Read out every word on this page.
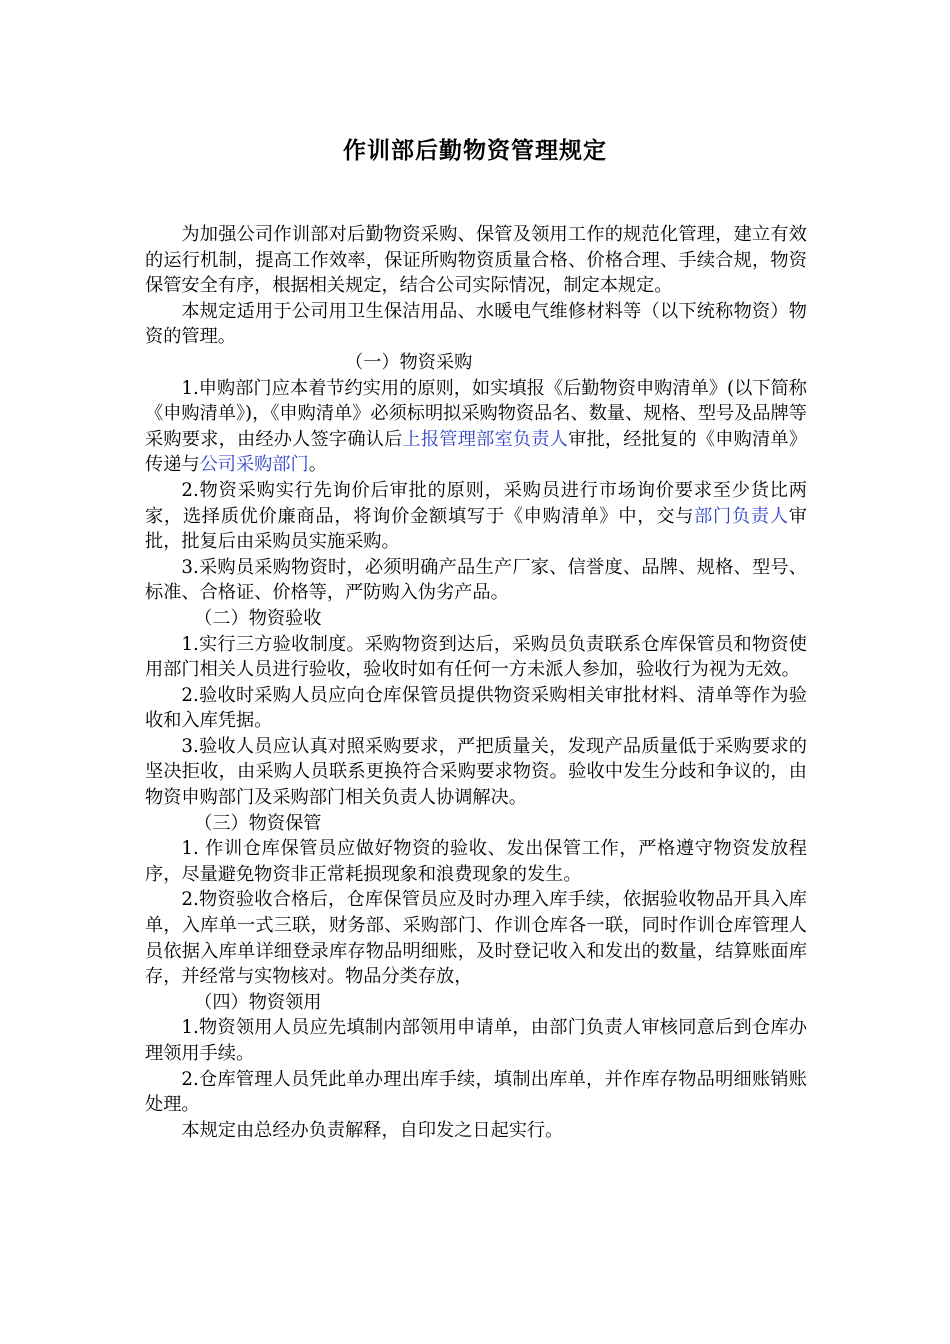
作训部后勤物资管理规定

为加强公司作训部对后勤物资采购、保管及领用工作的规范化管理，建立有效的运行机制，提高工作效率，保证所购物资质量合格、价格合理、手续合规，物资保管安全有序，根据相关规定，结合公司实际情况，制定本规定。

本规定适用于公司用卫生保洁用品、水暖电气维修材料等（以下统称物资）物资的管理。

（一）物资采购

1.申购部门应本着节约实用的原则，如实填报《后勤物资申购清单》(以下简称《申购清单》)，《申购清单》必须标明拟采购物资品名、数量、规格、型号及品牌等采购要求，由经办人签字确认后上报管理部室负责人审批，经批复的《申购清单》传递与公司采购部门。

2.物资采购实行先询价后审批的原则，采购员进行市场询价要求至少货比两家，选择质优价廉商品，将询价金额填写于《申购清单》中，交与部门负责人审批，批复后由采购员实施采购。

3.采购员采购物资时，必须明确产品生产厂家、信誉度、品牌、规格、型号、标准、合格证、价格等，严防购入伪劣产品。

（二）物资验收

1.实行三方验收制度。采购物资到达后，采购员负责联系仓库保管员和物资使用部门相关人员进行验收，验收时如有任何一方未派人参加，验收行为视为无效。

2.验收时采购人员应向仓库保管员提供物资采购相关审批材料、清单等作为验收和入库凭据。

3.验收人员应认真对照采购要求，严把质量关，发现产品质量低于采购要求的坚决拒收，由采购人员联系更换符合采购要求物资。验收中发生分歧和争议的，由物资申购部门及采购部门相关负责人协调解决。

（三）物资保管

1. 作训仓库保管员应做好物资的验收、发出保管工作，严格遵守物资发放程序，尽量避免物资非正常耗损现象和浪费现象的发生。

2.物资验收合格后，仓库保管员应及时办理入库手续，依据验收物品开具入库单，入库单一式三联，财务部、采购部门、作训仓库各一联，同时作训仓库管理人员依据入库单详细登录库存物品明细账，及时登记收入和发出的数量，结算账面库存，并经常与实物核对。物品分类存放，

（四）物资领用

1.物资领用人员应先填制内部领用申请单，由部门负责人审核同意后到仓库办理领用手续。

2.仓库管理人员凭此单办理出库手续，填制出库单，并作库存物品明细账销账处理。

本规定由总经办负责解释，自印发之日起实行。
